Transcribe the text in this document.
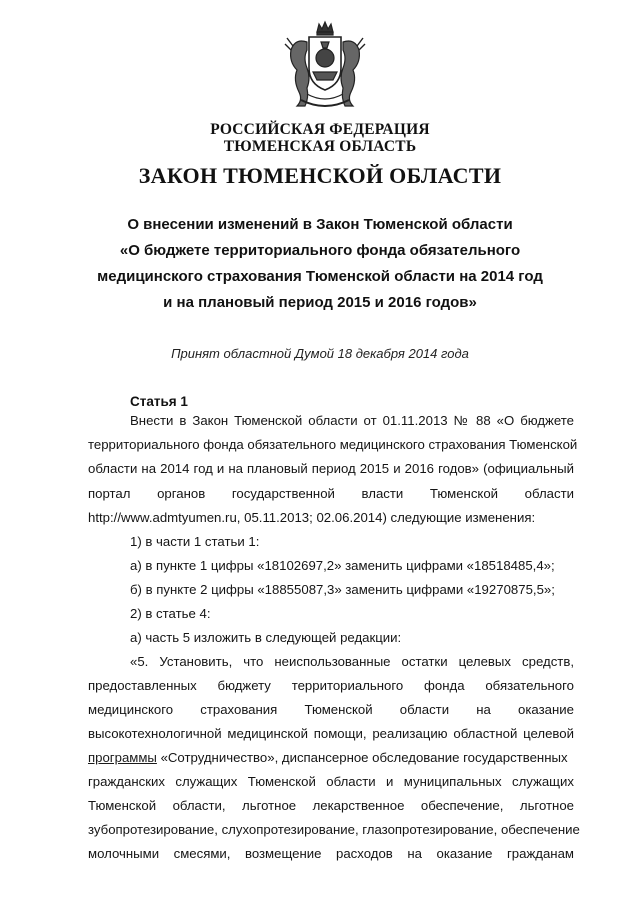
РОССИЙСКАЯ ФЕДЕРАЦИЯ
ТЮМЕНСКАЯ ОБЛАСТЬ
ЗАКОН ТЮМЕНСКОЙ ОБЛАСТИ
О внесении изменений в Закон Тюменской области
«О бюджете территориального фонда обязательного
медицинского страхования Тюменской области на 2014 год
и на плановый период 2015 и 2016 годов»
Принят областной Думой 18 декабря 2014 года
Статья 1
Внести в Закон Тюменской области от 01.11.2013 № 88 «О бюджете
территориального фонда обязательного медицинского страхования Тюменской
области на 2014 год и на плановый период 2015 и 2016 годов» (официальный
портал органов государственной власти Тюменской области
http://www.admtyumen.ru, 05.11.2013; 02.06.2014) следующие изменения:
1) в части 1 статьи 1:
а) в пункте 1 цифры «18102697,2» заменить цифрами «18518485,4»;
б) в пункте 2 цифры «18855087,3» заменить цифрами «19270875,5»;
2) в статье 4:
а) часть 5 изложить в следующей редакции:
«5. Установить, что неиспользованные остатки целевых средств,
предоставленных бюджету территориального фонда обязательного
медицинского страхования Тюменской области на оказание
высокотехнологичной медицинской помощи, реализацию областной целевой
программы «Сотрудничество», диспансерное обследование государственных
гражданских служащих Тюменской области и муниципальных служащих
Тюменской области, льготное лекарственное обеспечение, льготное
зубопротезирование, слухопротезирование, глазопротезирование, обеспечение
молочными смесями, возмещение расходов на оказание гражданам
